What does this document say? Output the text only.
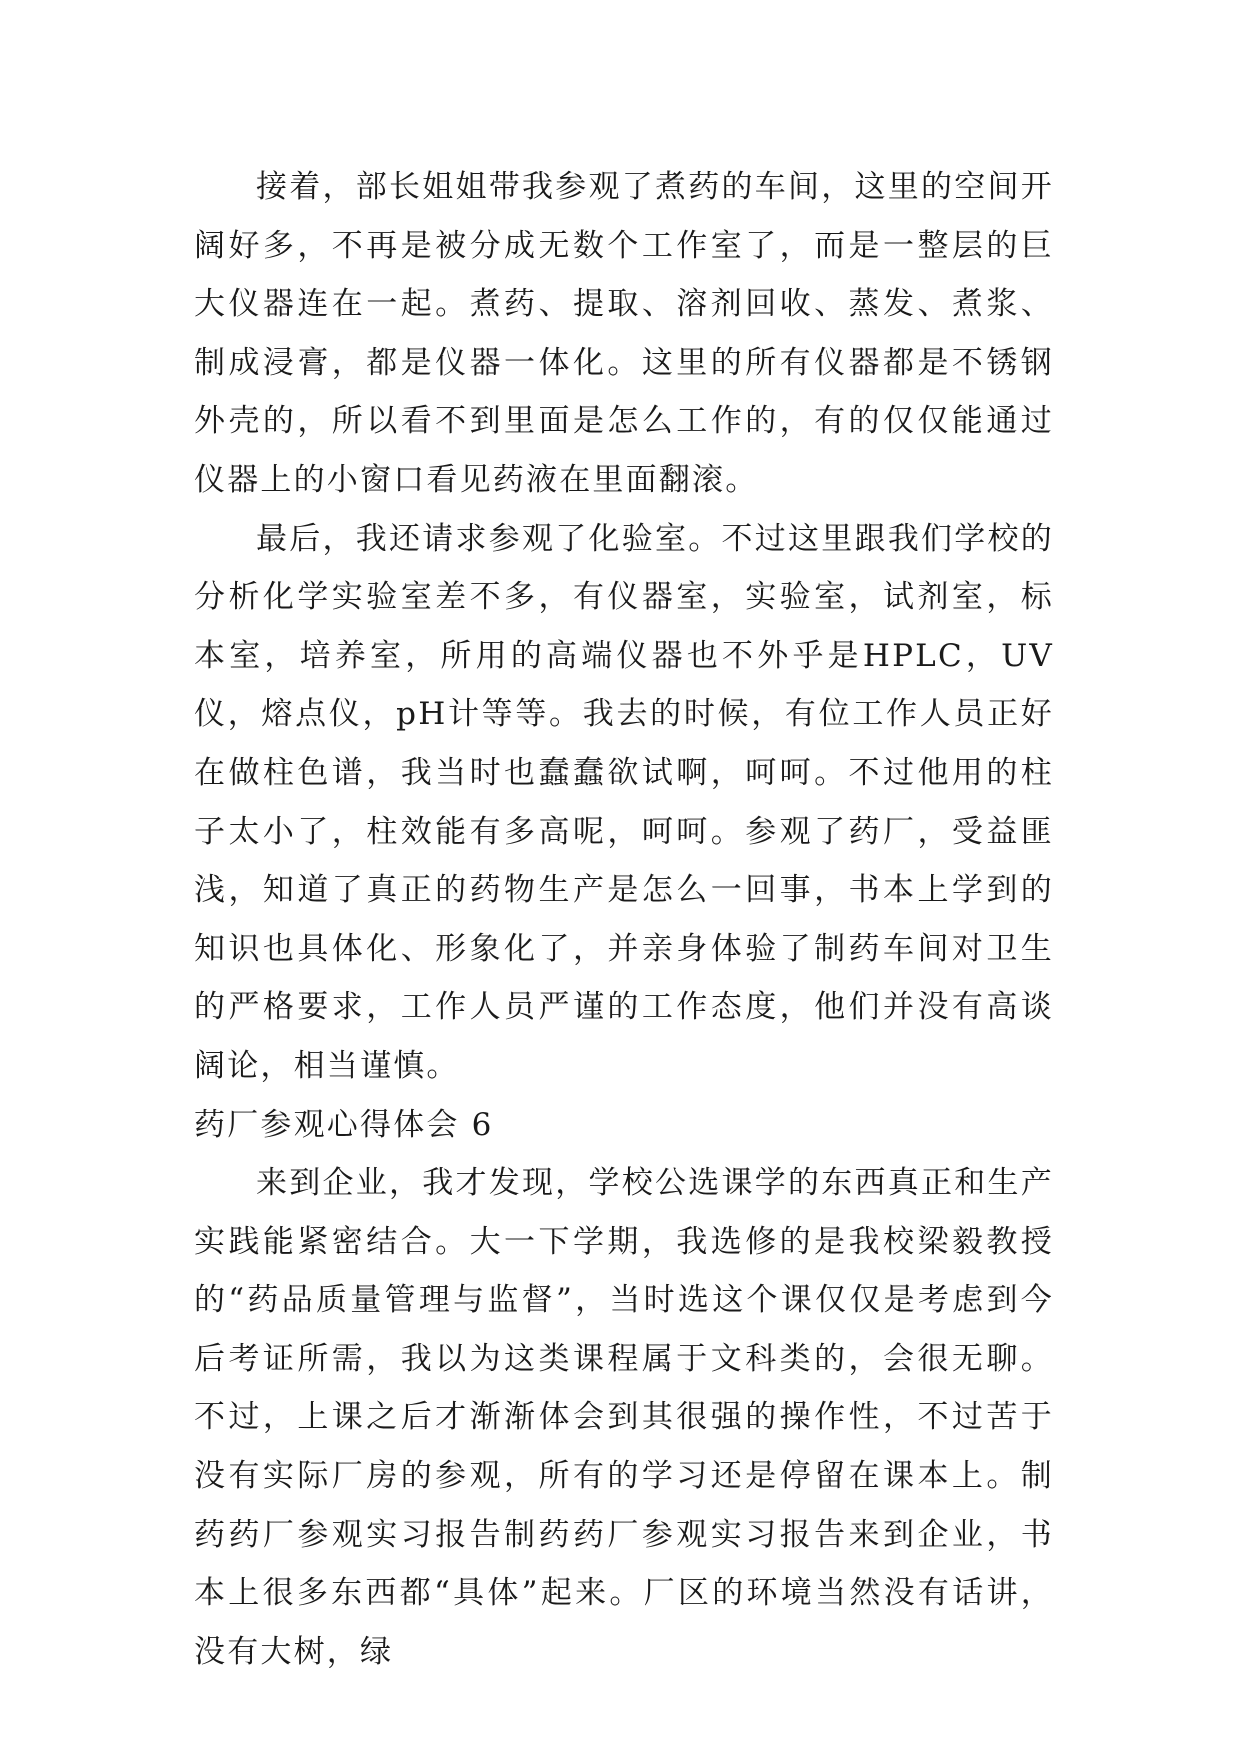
接着，部长姐姐带我参观了煮药的车间，这里的空间开阔好多，不再是被分成无数个工作室了，而是一整层的巨大仪器连在一起。煮药、提取、溶剂回收、蒸发、煮浆、制成浸膏，都是仪器一体化。这里的所有仪器都是不锈钢外壳的，所以看不到里面是怎么工作的，有的仅仅能通过仪器上的小窗口看见药液在里面翻滚。

最后，我还请求参观了化验室。不过这里跟我们学校的分析化学实验室差不多，有仪器室，实验室，试剂室，标本室，培养室，所用的高端仪器也不外乎是HPLC，UV仪，熔点仪，pH计等等。我去的时候，有位工作人员正好在做柱色谱，我当时也蠢蠢欲试啊，呵呵。不过他用的柱子太小了，柱效能有多高呢，呵呵。参观了药厂，受益匪浅，知道了真正的药物生产是怎么一回事，书本上学到的知识也具体化、形象化了，并亲身体验了制药车间对卫生的严格要求，工作人员严谨的工作态度，他们并没有高谈阔论，相当谨慎。

药厂参观心得体会 6

来到企业，我才发现，学校公选课学的东西真正和生产实践能紧密结合。大一下学期，我选修的是我校梁毅教授的“药品质量管理与监督”，当时选这个课仅仅是考虑到今后考证所需，我以为这类课程属于文科类的，会很无聊。不过，上课之后才渐渐体会到其很强的操作性，不过苦于没有实际厂房的参观，所有的学习还是停留在课本上。制药药厂参观实习报告制药药厂参观实习报告来到企业，书本上很多东西都“具体”起来。厂区的环境当然没有话讲，没有大树，绿
